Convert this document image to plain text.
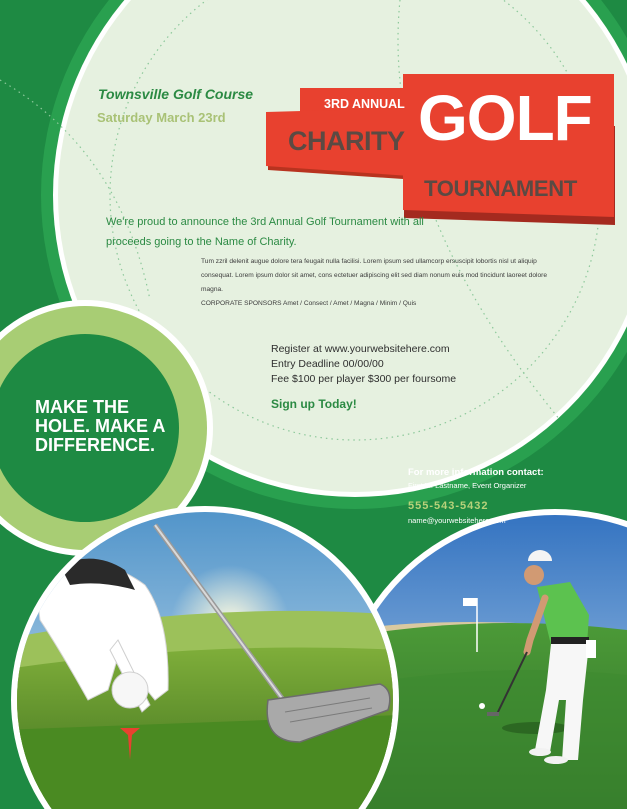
Townsville Golf Course
Saturday March 23rd
3RD ANNUAL
CHARITY GOLF
TOURNAMENT
We're proud to announce the 3rd Annual Golf Tournament with all proceeds going to the Name of Charity.
Tum zzril delenit augue dolore tera feugait nulla facilisi. Lorem ipsum sed ullamcorp ersuscipit lobortis nisl ut aliquip consequat. Lorem ipsum dolor sit amet, cons ectetuer adipiscing elit sed diam nonum euis mod tincidunt laoreet dolore magna.
CORPORATE SPONSORS Amet / Consect / Amet / Magna / Minim / Quis
Register at www.yourwebsitehere.com
Entry Deadline 00/00/00
Fee $100 per player $300 per foursome
Sign up Today!
MAKE THE HOLE. MAKE A DIFFERENCE.
For more information contact:
First M. Lastname, Event Organizer
555-543-5432
name@yourwebsitehere.com
